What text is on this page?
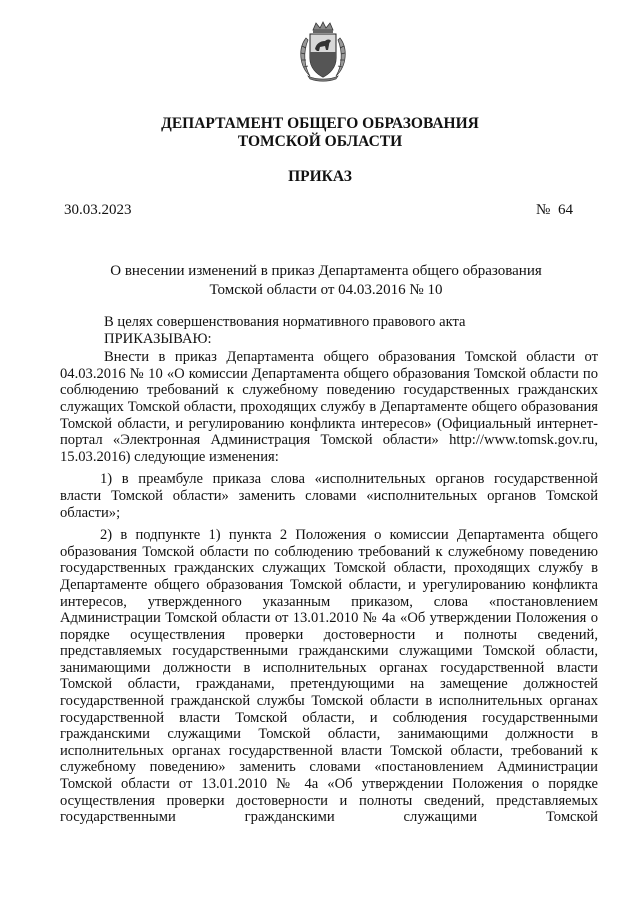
ДЕПАРТАМЕНТ ОБЩЕГО ОБРАЗОВАНИЯ
ТОМСКОЙ ОБЛАСТИ
ПРИКАЗ
30.03.2023	№ 64
О внесении изменений в приказ Департамента общего образования
Томской области от 04.03.2016 № 10

В целях совершенствования нормативного правового акта

ПРИКАЗЫВАЮ:

Внести в приказ Департамента общего образования Томской области от 04.03.2016 № 10 «О комиссии Департамента общего образования Томской области по соблюдению требований к служебному поведению государственных гражданских служащих Томской области, проходящих службу в Департаменте общего образования Томской области, и регулированию конфликта интересов» (Официальный интернет-портал «Электронная Администрация Томской области» http://www.tomsk.gov.ru, 15.03.2016) следующие изменения:

1) в преамбуле приказа слова «исполнительных органов государственной власти Томской области» заменить словами «исполнительных органов Томской области»;

2) в подпункте 1) пункта 2 Положения о комиссии Департамента общего образования Томской области по соблюдению требований к служебному поведению государственных гражданских служащих Томской области, проходящих службу в Департаменте общего образования Томской области, и урегулированию конфликта интересов, утвержденного указанным приказом, слова «постановлением Администрации Томской области от 13.01.2010 № 4а «Об утверждении Положения о порядке осуществления проверки достоверности и полноты сведений, представляемых государственными гражданскими служащими Томской области, занимающими должности в исполнительных органах государственной власти Томской области, гражданами, претендующими на замещение должностей государственной гражданской службы Томской области в исполнительных органах государственной власти Томской области, и соблюдения государственными гражданскими служащими Томской области, занимающими должности в исполнительных органах государственной власти Томской области, требований к служебному поведению» заменить словами «постановлением Администрации Томской области от 13.01.2010 № 4а «Об утверждении Положения о порядке осуществления проверки достоверности и полноты сведений, представляемых государственными гражданскими служащими Томской
